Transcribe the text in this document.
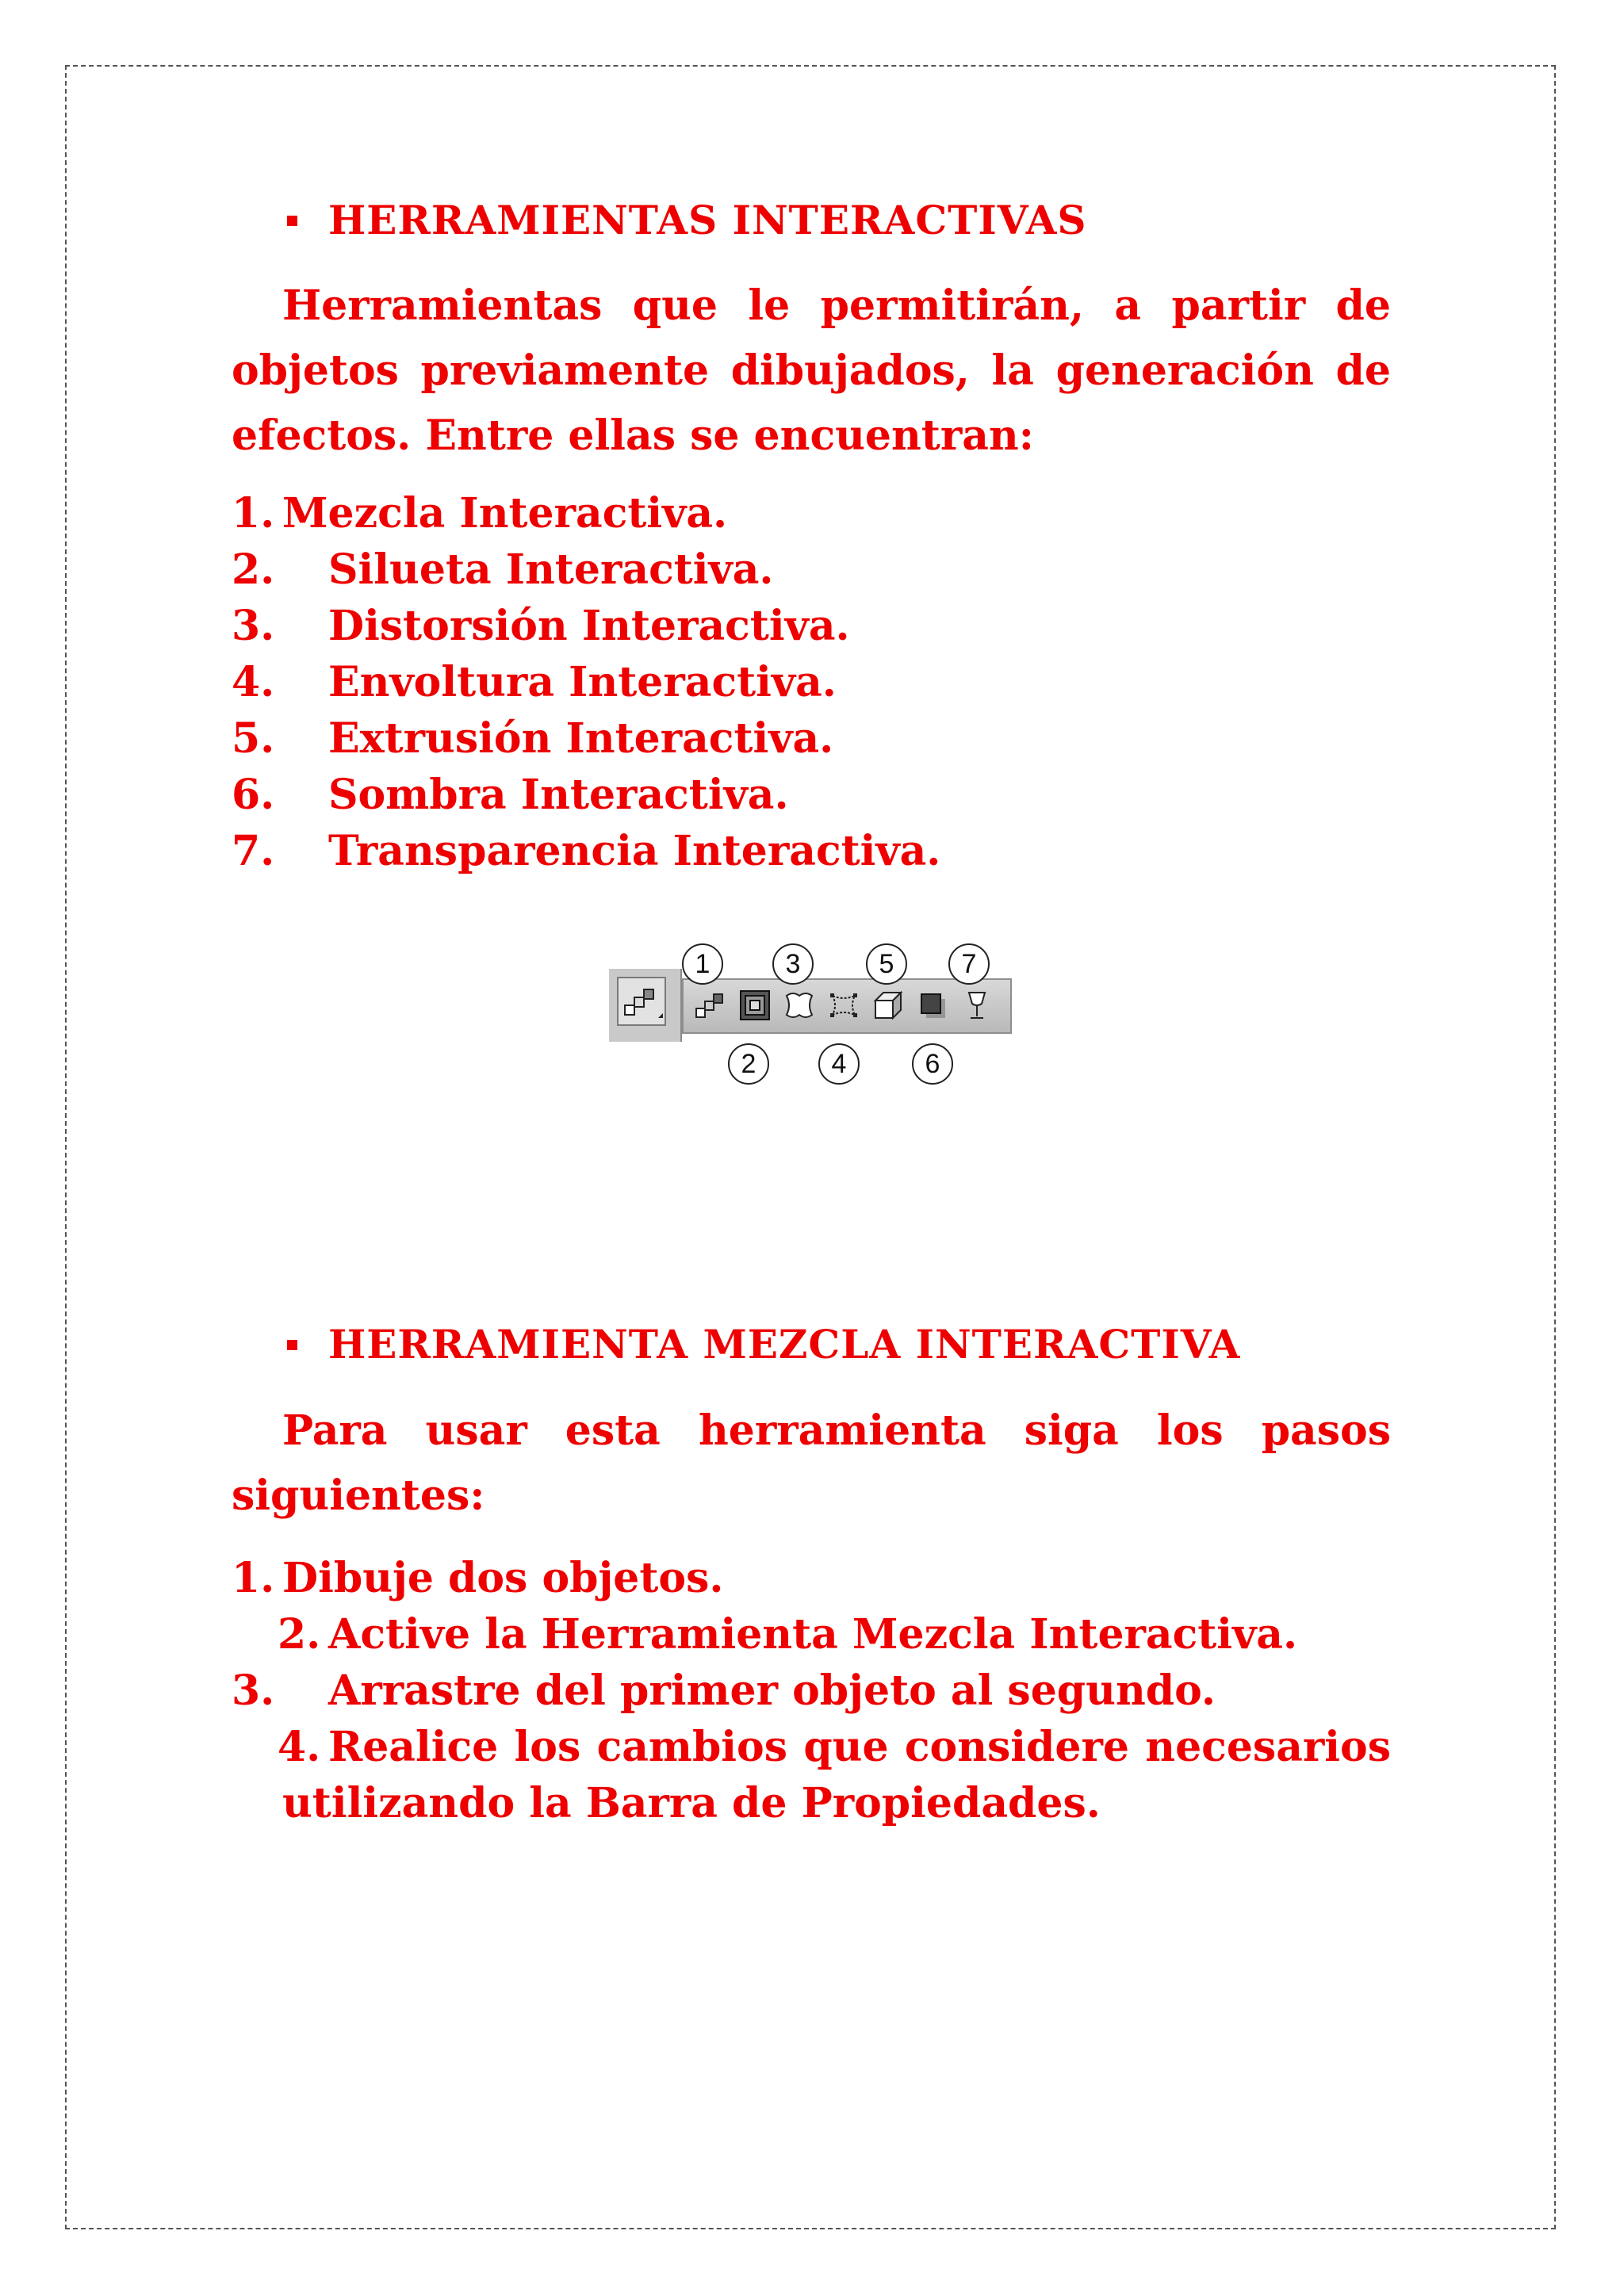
HERRAMIENTAS INTERACTIVAS

Herramientas que le permitirán, a partir de objetos previamente dibujados, la generación de efectos. Entre ellas se encuentran:

1. Mezcla Interactiva.
2. Silueta Interactiva.
3. Distorsión Interactiva.
4. Envoltura Interactiva.
5. Extrusión Interactiva.
6. Sombra Interactiva.
7. Transparencia Interactiva.
1	3	5	7
2	4	6
HERRAMIENTA MEZCLA INTERACTIVA

Para usar esta herramienta siga los pasos siguientes:

1. Dibuje dos objetos.
2. Active la Herramienta Mezcla Interactiva.
3. Arrastre del primer objeto al segundo.
4. Realice los cambios que considere necesarios utilizando la Barra de Propiedades.
